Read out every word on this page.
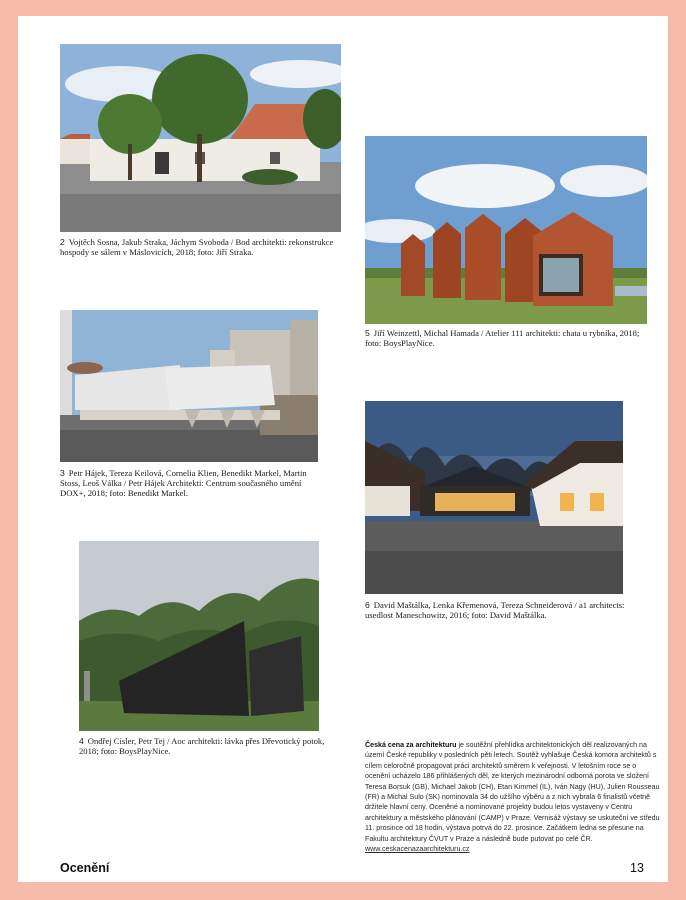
2 Vojtěch Sosna, Jakub Straka, Jáchym Svoboda / Bod architekti: rekonstrukce hospody se sálem v Máslovicích, 2018; foto: Jiří Straka.
5 Jiří Weinzettl, Michal Hamada / Atelier 111 architekti: chata u rybníka, 2018; foto: BoysPlayNice.
3 Petr Hájek, Tereza Keilová, Cornelia Klien, Benedikt Markel, Martin Stoss, Leoš Válka / Petr Hájek Architekti: Centrum současného umění DOX+, 2018; foto: Benedikt Markel.
6 David Maštálka, Lenka Křemenová, Tereza Schneiderová / a1 architects: usedlost Maneschowitz, 2016; foto: David Maštálka.
4 Ondřej Císler, Petr Tej / Aoc architekti: lávka přes Dřevotický potok, 2018; foto: BoysPlayNice.
Česká cena za architekturu je soutěžní přehlídka architektonických děl realizovaných na území České republiky v posledních pěti letech. Soutěž vyhlašuje Česká komora architektů s cílem celoročně propagovat práci architektů směrem k veřejnosti. V letošním roce se o ocenění ucházelo 186 přihlášených děl, ze kterých mezinárodní odborná porota ve složení Teresa Borsuk (GB), Michael Jakob (CH), Etan Kimmel (IL), Iván Nagy (HU), Julien Rousseau (FR) a Michal Sulo (SK) nominovala 34 do užšího výběru a z nich vybrala 6 finalistů včetně držitele hlavní ceny. Oceněné a nominované projekty budou letos vystaveny v Centru architektury a městského plánování (CAMP) v Praze. Vernisáž výstavy se uskuteční ve středu 11. prosince od 18 hodin, výstava potrvá do 22. prosince. Začátkem ledna se přesune na Fakultu architektury ČVUT v Praze a následně bude putovat po celé ČR. www.ceskacenazaarchitekturu.cz
Ocenění	13
